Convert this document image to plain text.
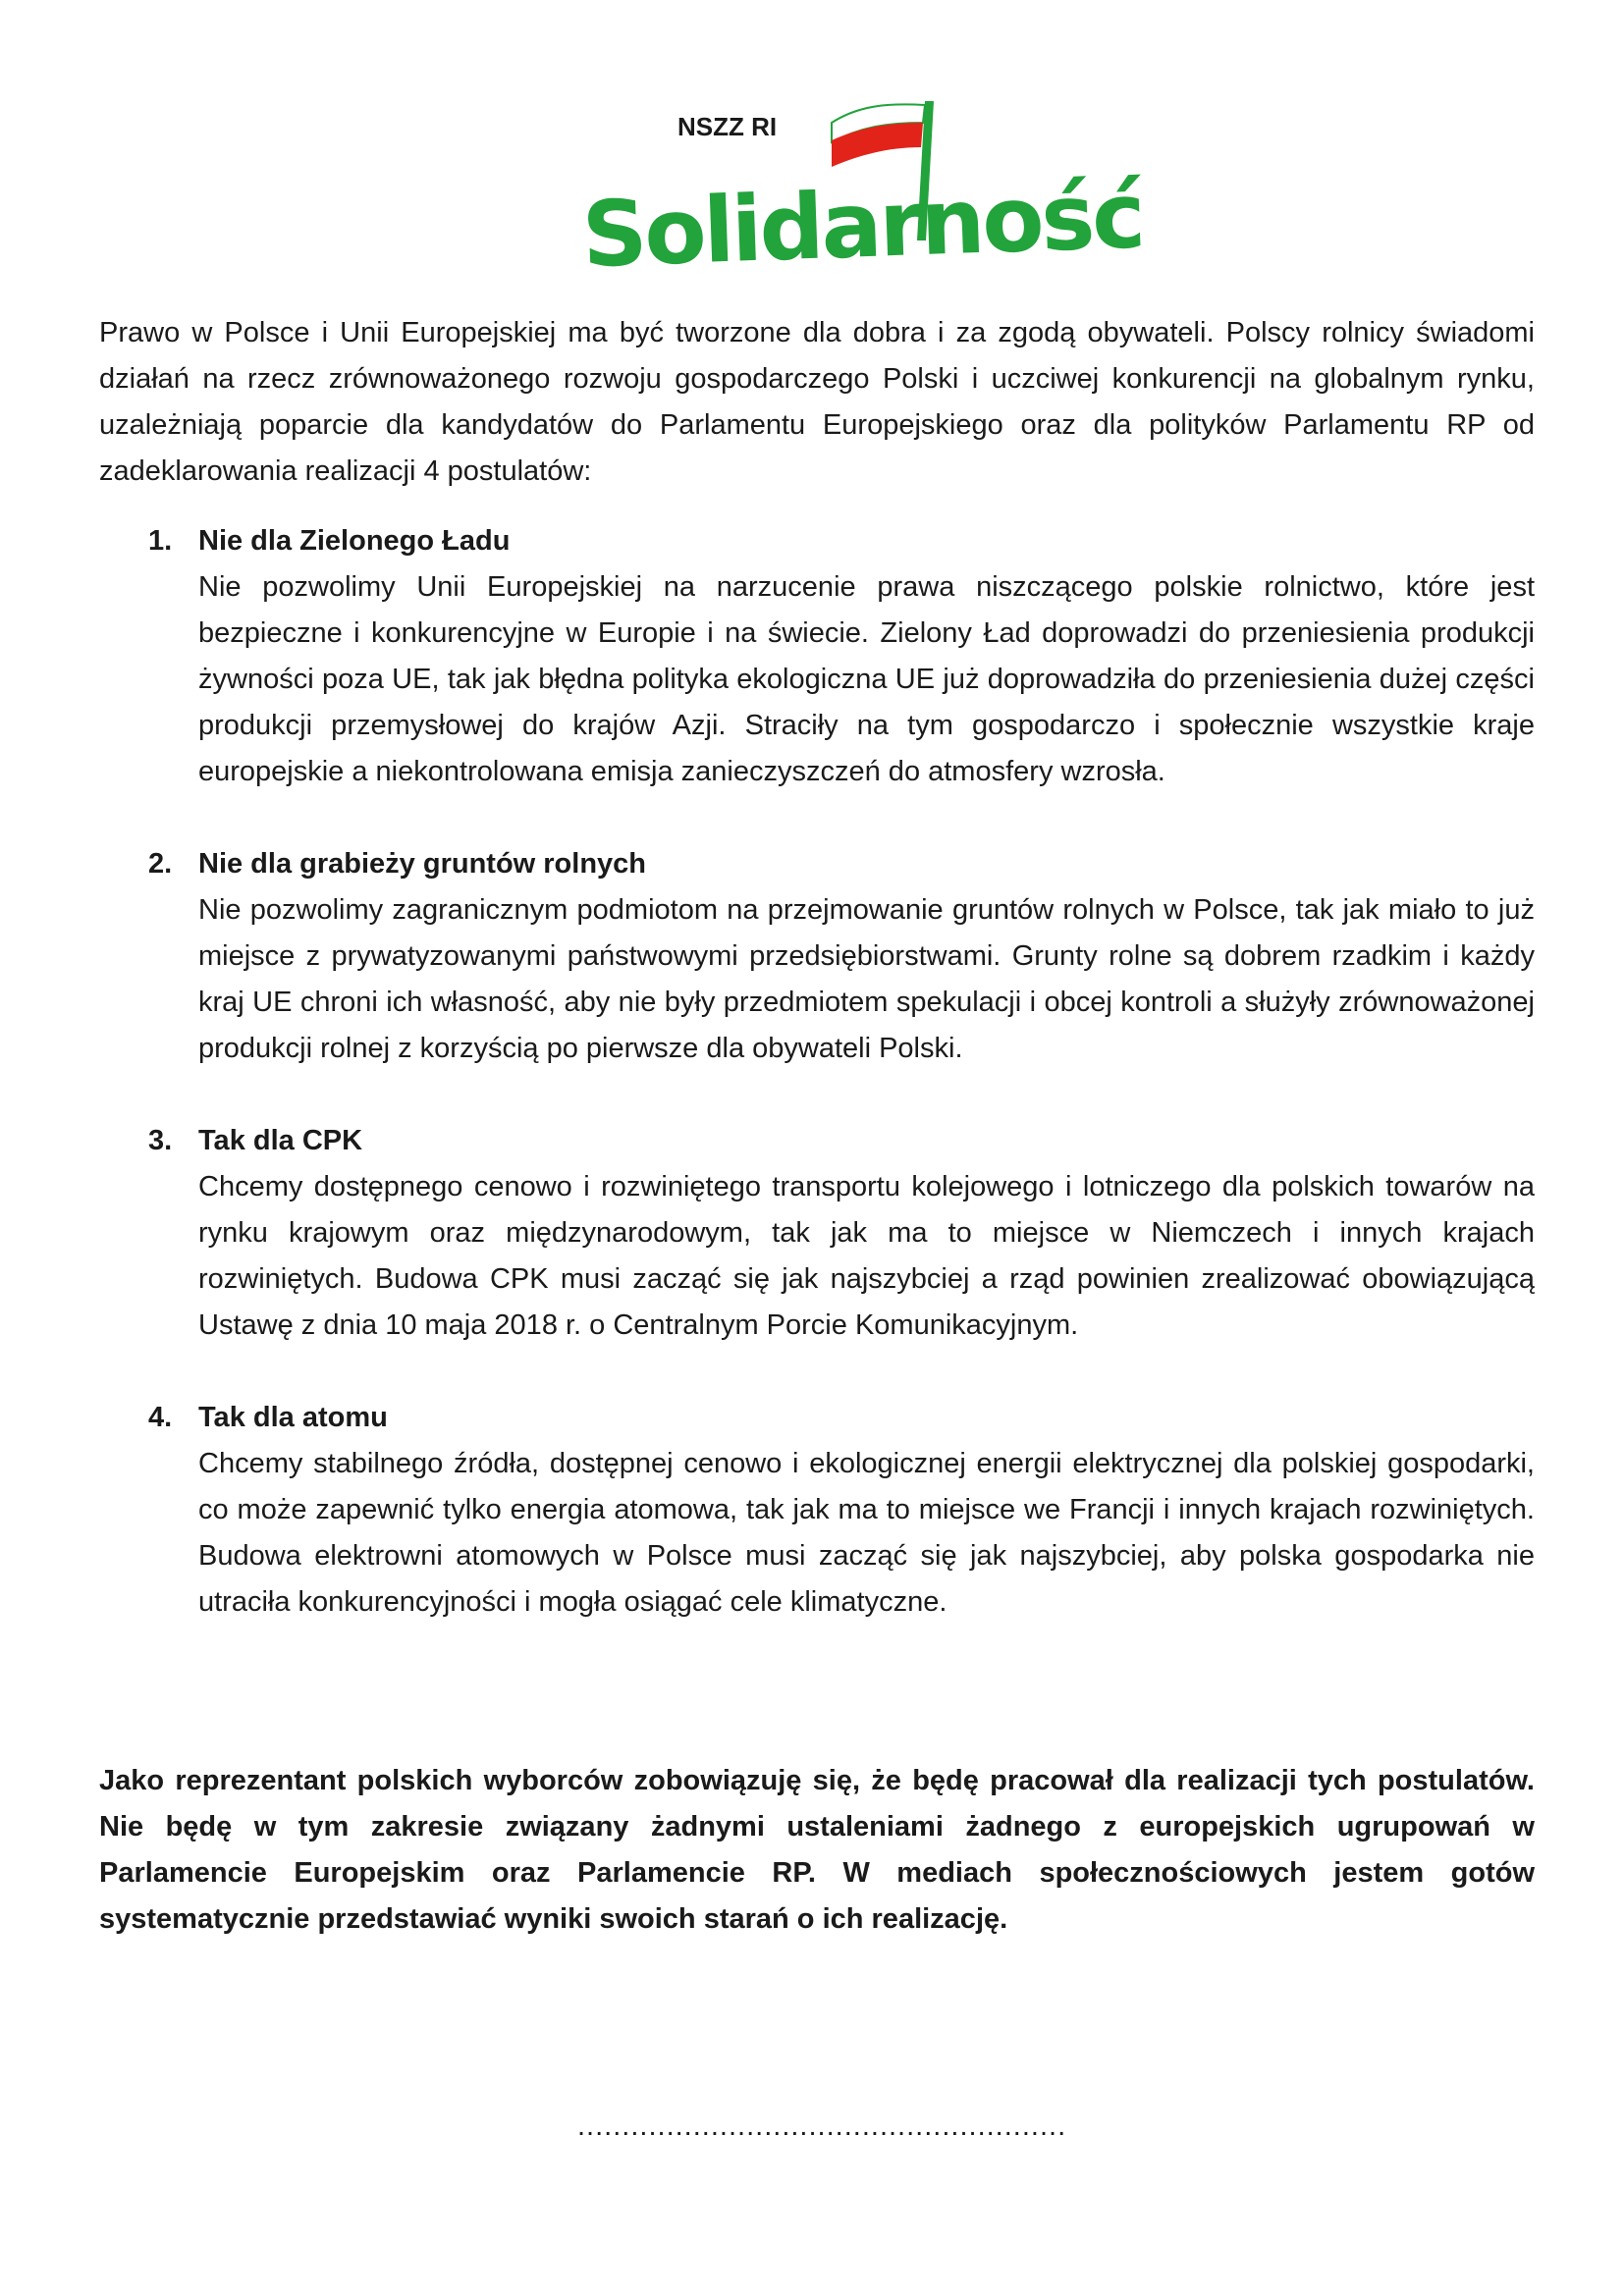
NSZZ RI
Solidarność

Prawo w Polsce i Unii Europejskiej ma być tworzone dla dobra i za zgodą obywateli. Polscy rolnicy świadomi działań na rzecz zrównoważonego rozwoju gospodarczego Polski i uczciwej konkurencji na globalnym rynku, uzależniają poparcie dla kandydatów do Parlamentu Europejskiego oraz dla polityków Parlamentu RP od zadeklarowania realizacji 4 postulatów:

1. Nie dla Zielonego Ładu

Nie pozwolimy Unii Europejskiej na narzucenie prawa niszczącego polskie rolnictwo, które jest bezpieczne i konkurencyjne w Europie i na świecie. Zielony Ład doprowadzi do przeniesienia produkcji żywności poza UE, tak jak błędna polityka ekologiczna UE już doprowadziła do przeniesienia dużej części produkcji przemysłowej do krajów Azji. Straciły na tym gospodarczo i społecznie wszystkie kraje europejskie a niekontrolowana emisja zanieczyszczeń do atmosfery wzrosła.

2. Nie dla grabieży gruntów rolnych

Nie pozwolimy zagranicznym podmiotom na przejmowanie gruntów rolnych w Polsce, tak jak miało to już miejsce z prywatyzowanymi państwowymi przedsiębiorstwami. Grunty rolne są dobrem rzadkim i każdy kraj UE chroni ich własność, aby nie były przedmiotem spekulacji i obcej kontroli a służyły zrównoważonej produkcji rolnej z korzyścią po pierwsze dla obywateli Polski.

3. Tak dla CPK

Chcemy dostępnego cenowo i rozwiniętego transportu kolejowego i lotniczego dla polskich towarów na rynku krajowym oraz międzynarodowym, tak jak ma to miejsce w Niemczech i innych krajach rozwiniętych. Budowa CPK musi zacząć się jak najszybciej a rząd powinien zrealizować obowiązującą Ustawę z dnia 10 maja 2018 r. o Centralnym Porcie Komunikacyjnym.

4. Tak dla atomu

Chcemy stabilnego źródła, dostępnej cenowo i ekologicznej energii elektrycznej dla polskiej gospodarki, co może zapewnić tylko energia atomowa, tak jak ma to miejsce we Francji i innych krajach rozwiniętych. Budowa elektrowni atomowych w Polsce musi zacząć się jak najszybciej, aby polska gospodarka nie utraciła konkurencyjności i mogła osiągać cele klimatyczne.

Jako reprezentant polskich wyborców zobowiązuję się, że będę pracował dla realizacji tych postulatów. Nie będę w tym zakresie związany żadnymi ustaleniami żadnego z europejskich ugrupowań w Parlamencie Europejskim oraz Parlamencie RP. W mediach społecznościowych jestem gotów systematycznie przedstawiać wyniki swoich starań o ich realizację.

.......................................................
